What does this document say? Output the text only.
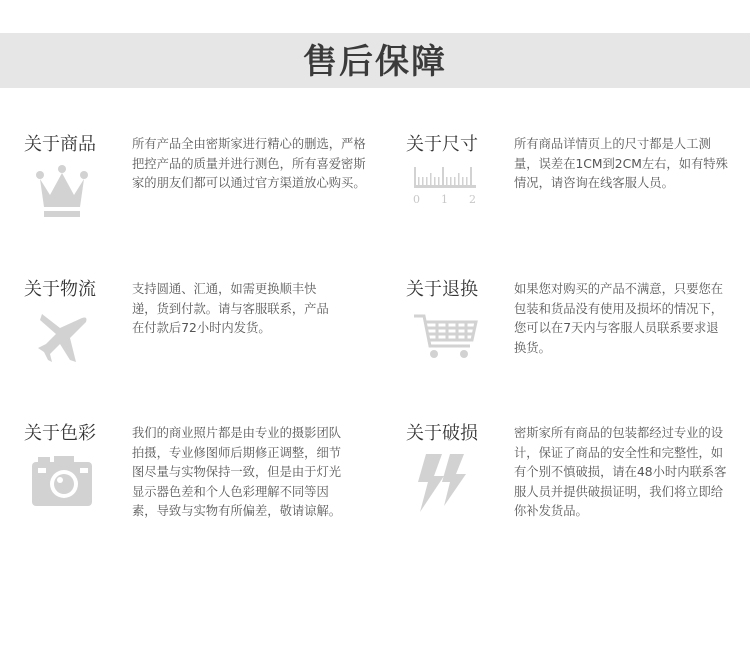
售后保障
关于商品	所有产品全由密斯家进行精心的删选，严格把控产品的质量并进行测色，所有喜爱密斯家的朋友们都可以通过官方渠道放心购买。
关于尺寸
0 1 2
所有商品详情页上的尺寸都是人工测量，误差在1CM到2CM左右，如有特殊情况，请咨询在线客服人员。
关于物流	支持圆通、汇通，如需更换顺丰快递，货到付款。请与客服联系，产品在付款后72小时内发货。
关于退换	如果您对购买的产品不满意，只要您在包装和货品没有使用及损坏的情况下，您可以在7天内与客服人员联系要求退换货。
关于色彩	我们的商业照片都是由专业的摄影团队拍摄，专业修图师后期修正调整，细节图尽量与实物保持一致，但是由于灯光显示器色差和个人色彩理解不同等因素，导致与实物有所偏差，敬请谅解。
关于破损	密斯家所有商品的包装都经过专业的设计，保证了商品的安全性和完整性，如有个别不慎破损，请在48小时内联系客服人员并提供破损证明，我们将立即给你补发货品。
